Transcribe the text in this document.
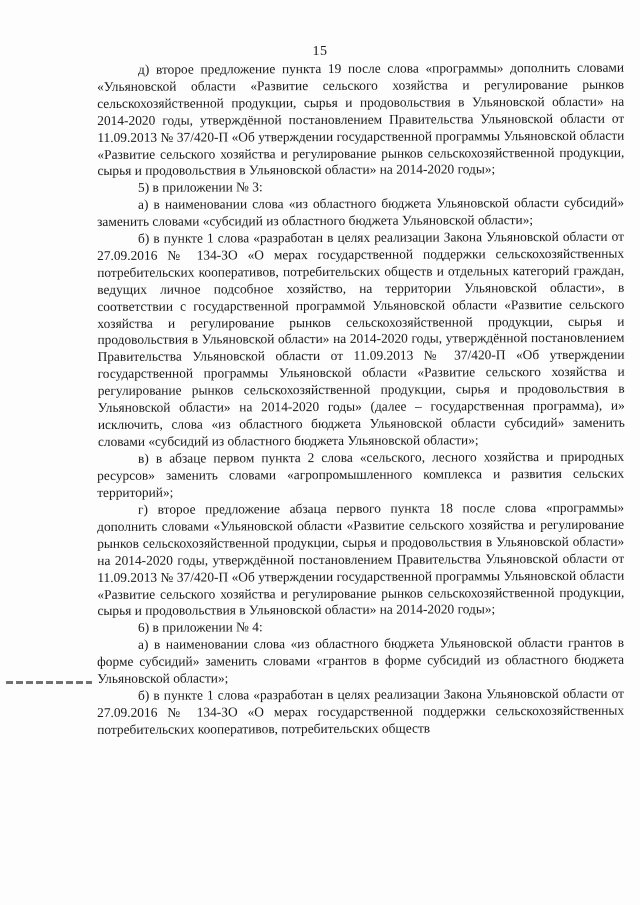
15

д) второе предложение пункта 19 после слова «программы» дополнить словами «Ульяновской области «Развитие сельского хозяйства и регулирование рынков сельскохозяйственной продукции, сырья и продовольствия в Ульяновской области» на 2014-2020 годы, утверждённой постановлением Правительства Ульяновской области от 11.09.2013 № 37/420-П «Об утверждении государственной программы Ульяновской области «Развитие сельского хозяйства и регулирование рынков сельскохозяйственной продукции, сырья и продовольствия в Ульяновской области» на 2014-2020 годы»;

5) в приложении № 3:

а) в наименовании слова «из областного бюджета Ульяновской области субсидий» заменить словами «субсидий из областного бюджета Ульяновской области»;

б) в пункте 1 слова «разработан в целях реализации Закона Ульяновской области от 27.09.2016 № 134-ЗО «О мерах государственной поддержки сельскохозяйственных потребительских кооперативов, потребительских обществ и отдельных категорий граждан, ведущих личное подсобное хозяйство, на территории Ульяновской области», в соответствии с государственной программой Ульяновской области «Развитие сельского хозяйства и регулирование рынков сельскохозяйственной продукции, сырья и продовольствия в Ульяновской области» на 2014-2020 годы, утверждённой постановлением Правительства Ульяновской области от 11.09.2013 № 37/420-П «Об утверждении государственной программы Ульяновской области «Развитие сельского хозяйства и регулирование рынков сельскохозяйственной продукции, сырья и продовольствия в Ульяновской области» на 2014-2020 годы» (далее – государственная программа), и» исключить, слова «из областного бюджета Ульяновской области субсидий» заменить словами «субсидий из областного бюджета Ульяновской области»;

в) в абзаце первом пункта 2 слова «сельского, лесного хозяйства и природных ресурсов» заменить словами «агропромышленного комплекса и развития сельских территорий»;

г) второе предложение абзаца первого пункта 18 после слова «программы» дополнить словами «Ульяновской области «Развитие сельского хозяйства и регулирование рынков сельскохозяйственной продукции, сырья и продовольствия в Ульяновской области» на 2014-2020 годы, утверждённой постановлением Правительства Ульяновской области от 11.09.2013 № 37/420-П «Об утверждении государственной программы Ульяновской области «Развитие сельского хозяйства и регулирование рынков сельскохозяйственной продукции, сырья и продовольствия в Ульяновской области» на 2014-2020 годы»;

6) в приложении № 4:

а) в наименовании слова «из областного бюджета Ульяновской области грантов в форме субсидий» заменить словами «грантов в форме субсидий из областного бюджета Ульяновской области»;

б) в пункте 1 слова «разработан в целях реализации Закона Ульяновской области от 27.09.2016 № 134-ЗО «О мерах государственной поддержки сельскохозяйственных потребительских кооперативов, потребительских обществ
